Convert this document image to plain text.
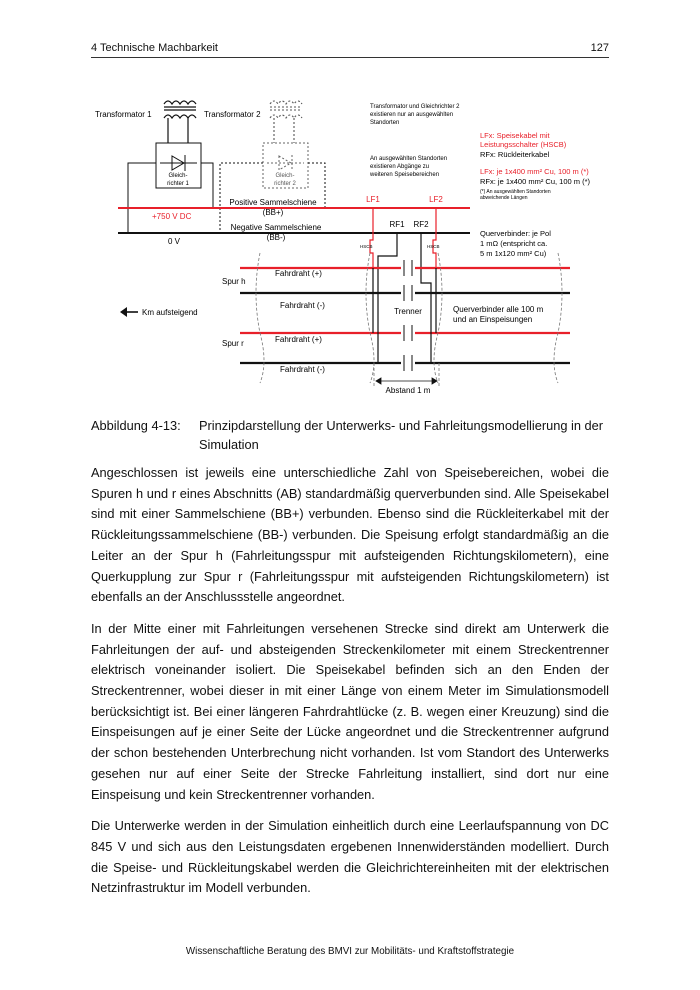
4 Technische Machbarkeit	127
Transformator 1	Transformator 2
Gleich-
richter 1
Gleich-
richter 2
+750 V DC
0 V
Positive Sammelschiene
(BB+)
Negative Sammelschiene
(BB-)
Transformator und Gleichrichter 2
existieren nur an ausgewählten
Standorten
An ausgewählten Standorten
existieren Abgänge zu
weiteren Speisebereichen
LFx: Speisekabel mit
Leistungsschalter (HSCB)
RFx: Rückleiterkabel
LFx: je 1x400 mm² Cu, 100 m (*)
RFx: je 1x400 mm² Cu, 100 m (*)
(*) An ausgewählten Standorten
abweichende Längen
LF1	LF2
RF1 RF2
HSCB	HSCB
Querverbinder: je Pol
1 mΩ (entspricht ca.
5 m 1x120 mm² Cu)
Spur h
Fahrdraht (+)
Fahrdraht (-)
Spur r	Fahrdraht (+)
Fahrdraht (-)
Trenner
Abstand 1 m
Querverbinder alle 100 m
und an Einspeisungen
Km aufsteigend
Abbildung 4-13: Prinzipdarstellung der Unterwerks- und Fahrleitungsmodellierung in der Simulation

Angeschlossen ist jeweils eine unterschiedliche Zahl von Speisebereichen, wobei die Spuren h und r eines Abschnitts (AB) standardmäßig querverbunden sind. Alle Speisekabel sind mit einer Sammelschiene (BB+) verbunden. Ebenso sind die Rückleiterkabel mit der Rückleitungssammelschiene (BB-) verbunden. Die Speisung erfolgt standardmäßig an die Leiter an der Spur h (Fahrleitungsspur mit aufsteigenden Richtungskilometern), eine Querkupplung zur Spur r (Fahrleitungsspur mit aufsteigenden Richtungskilometern) ist ebenfalls an der Anschlussstelle angeordnet.

In der Mitte einer mit Fahrleitungen versehenen Strecke sind direkt am Unterwerk die Fahrleitungen der auf- und absteigenden Streckenkilometer mit einem Streckentrenner elektrisch voneinander isoliert. Die Speisekabel befinden sich an den Enden der Streckentrenner, wobei dieser in mit einer Länge von einem Meter im Simulationsmodell berücksichtigt ist. Bei einer längeren Fahrdrahtlücke (z. B. wegen einer Kreuzung) sind die Einspeisungen auf je einer Seite der Lücke angeordnet und die Streckentrenner aufgrund der schon bestehenden Unterbrechung nicht vorhanden. Ist vom Standort des Unterwerks gesehen nur auf einer Seite der Strecke Fahrleitung installiert, sind dort nur eine Einspeisung und kein Streckentrenner vorhanden.

Die Unterwerke werden in der Simulation einheitlich durch eine Leerlaufspannung von DC 845 V und sich aus den Leistungsdaten ergebenen Innenwiderständen modelliert. Durch die Speise- und Rückleitungskabel werden die Gleichrichtereinheiten mit der elektrischen Netzinfrastruktur im Modell verbunden.

Wissenschaftliche Beratung des BMVI zur Mobilitäts- und Kraftstoffstrategie
